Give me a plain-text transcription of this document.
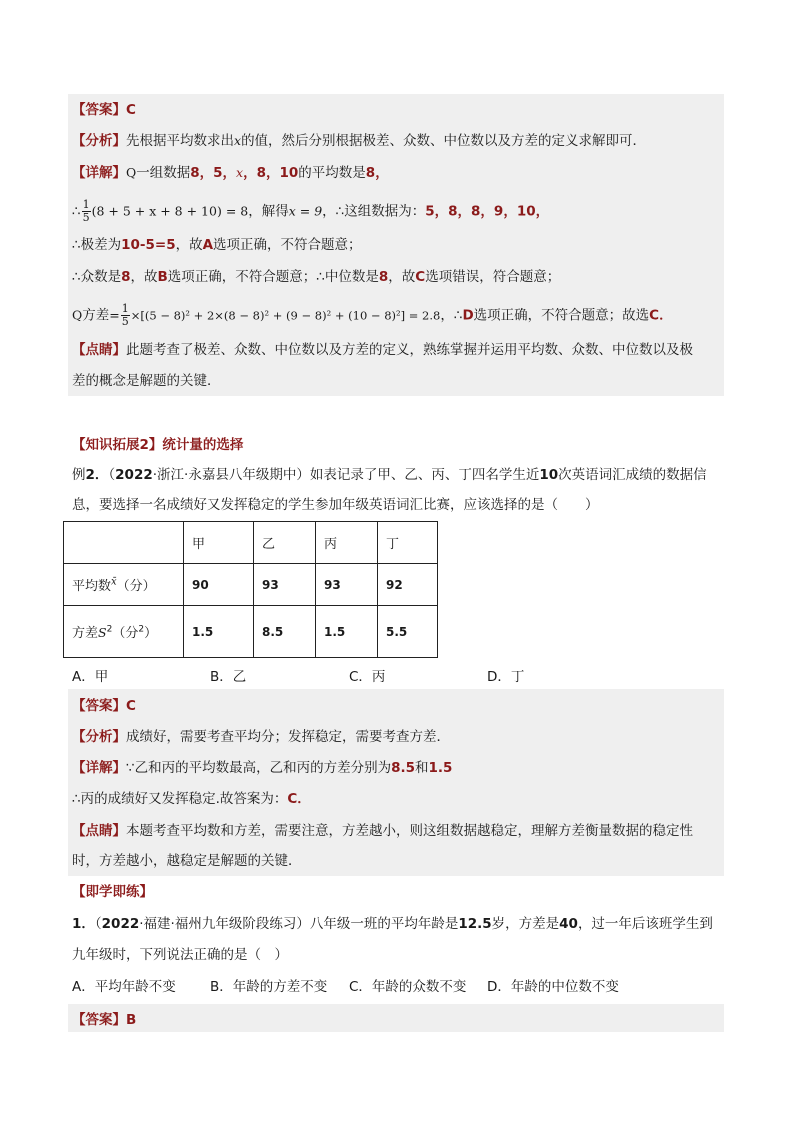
【答案】C
【分析】先根据平均数求出x的值，然后分别根据极差、众数、中位数以及方差的定义求解即可．
【详解】Q一组数据8，5，x，8，10的平均数是8，
∴ $\frac{1}{5} (8 + 5 + x + 8 + 10) = 8$，解得x = 9，∴这组数据为：5，8，8，9，10，
∴极差为10-5=5，故A选项正确，不符合题意；
∴众数是8，故B选项正确，不符合题意；∴中位数是8，故C选项错误，符合题意；
Q方差= $\frac{1}{5} \times[(5 - 8)^2 + 2\times(8 - 8)^2 + (9 - 8)^2 + (10 - 8)^2] = 2.8$，∴D选项正确，不符合题意；故选C．
【点睛】此题考查了极差、众数、中位数以及方差的定义，熟练掌握并运用平均数、众数、中位数以及极
差的概念是解题的关键．
【知识拓展2】统计量的选择
例2．（2022·浙江·永嘉县八年级期中）如表记录了甲、乙、丙、丁四名学生近10次英语词汇成绩的数据信
息，要选择一名成绩好又发挥稳定的学生参加年级英语词汇比赛，应该选择的是（　　）
	甲	乙	丙	丁
平均数$^{x̄}$（分）	90	93	93	92
方差$S^2$（分$^2$）	1.5	8.5	1.5	5.5
A．甲	B．乙	C．丙	D．丁
【答案】C
【分析】成绩好，需要考查平均分；发挥稳定，需要考查方差．
【详解】∵乙和丙的平均数最高，乙和丙的方差分别为8.5和1.5
∴丙的成绩好又发挥稳定.故答案为：C．
【点睛】本题考查平均数和方差，需要注意，方差越小，则这组数据越稳定，理解方差衡量数据的稳定性
时，方差越小，越稳定是解题的关键．
【即学即练】
1．（2022·福建·福州九年级阶段练习）八年级一班的平均年龄是12.5岁，方差是40，过一年后该班学生到
九年级时，下列说法正确的是（　）
A．平均年龄不变	B．年龄的方差不变 C．年龄的众数不变 D．年龄的中位数不变
【答案】B
